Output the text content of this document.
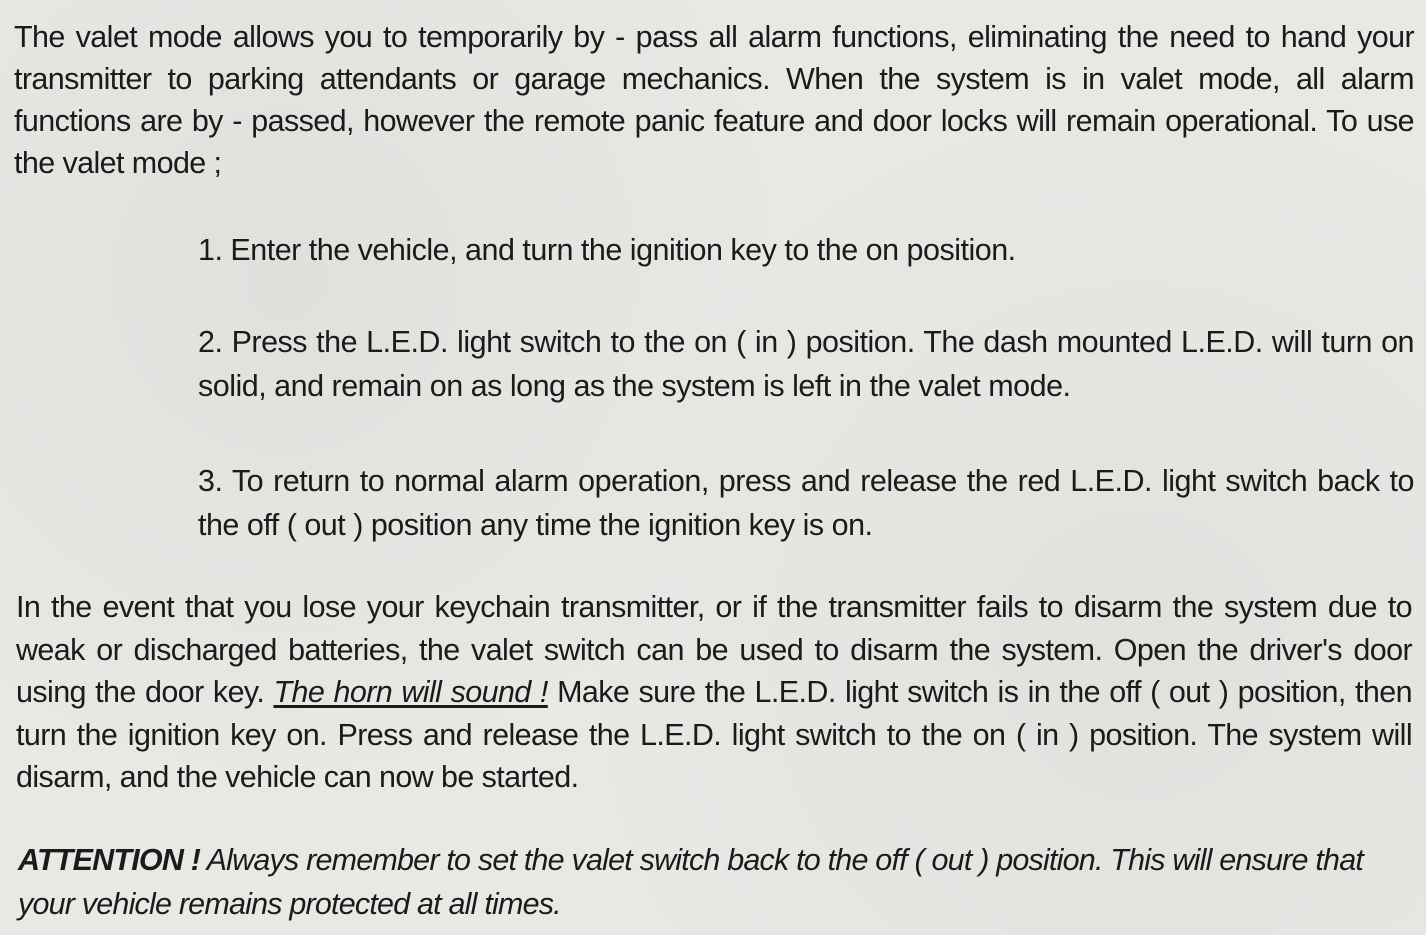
The valet mode allows you to temporarily by - pass all alarm functions, eliminating the need to hand your transmitter to parking attendants or garage mechanics. When the system is in valet mode, all alarm functions are by - passed, however the remote panic feature and door locks will remain operational. To use the valet mode ;

1. Enter the vehicle, and turn the ignition key to the on position.

2. Press the L.E.D. light switch to the on ( in ) position. The dash mounted L.E.D. will turn on solid, and remain on as long as the system is left in the valet mode.

3. To return to normal alarm operation, press and release the red L.E.D. light switch back to the off ( out ) position any time the ignition key is on.

In the event that you lose your keychain transmitter, or if the transmitter fails to disarm the system due to weak or discharged batteries, the valet switch can be used to disarm the system. Open the driver's door using the door key. The horn will sound ! Make sure the L.E.D. light switch is in the off ( out ) position, then turn the ignition key on. Press and release the L.E.D. light switch to the on ( in ) position. The system will disarm, and the vehicle can now be started.

ATTENTION ! Always remember to set the valet switch back to the off ( out ) position. This will ensure that your vehicle remains protected at all times.
